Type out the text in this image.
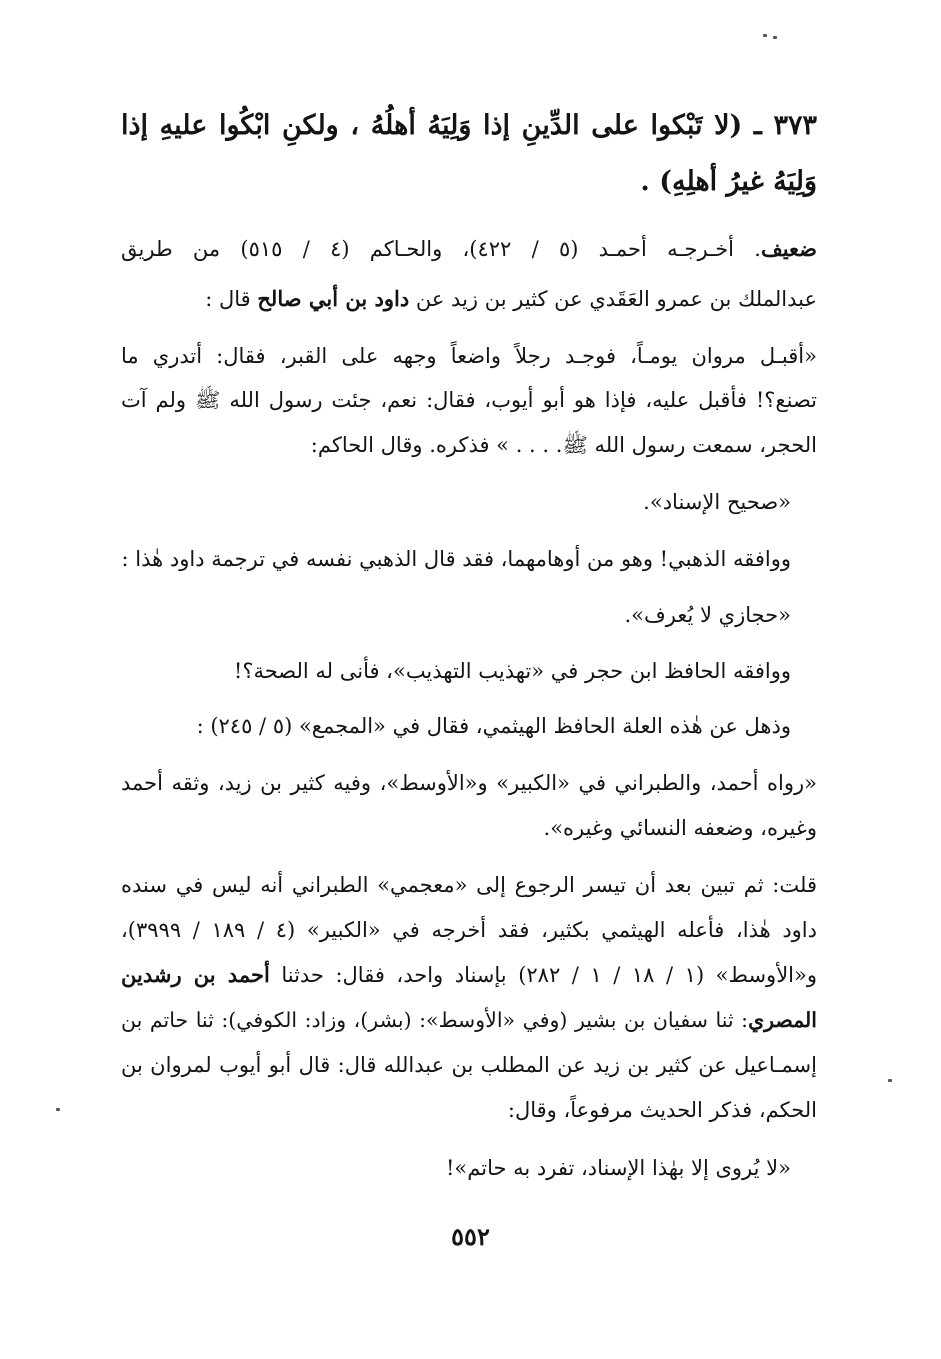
٣٧٣ ـ (لا تَبْكوا على الدِّينِ إذا وَلِيَهُ أهلُهُ ، ولكنِ ابْكُوا عليهِ إذا
وَلِيَهُ غيرُ أهلِهِ) .
ضعيف. أخـرجـه أحمـد (٥ / ٤٢٢)، والحـاكم (٤ / ٥١٥) من طريق
عبدالملك بن عمرو العَقَدي عن كثير بن زيد عن داود بن أبي صالح قال :
«أقبـل مروان يومـاً، فوجـد رجلاً واضعاً وجهه على القبر، فقال: أتدري ما
تصنع؟! فأقبل عليه، فإذا هو أبو أيوب، فقال: نعم، جئت رسول الله ﷺ ولم آت
الحجر، سمعت رسول الله ﷺ. . . . » فذكره. وقال الحاكم:
«صحيح الإسناد».
ووافقه الذهبي! وهو من أوهامهما، فقد قال الذهبي نفسه في ترجمة داود هٰذا :
«حجازي لا يُعرف».
ووافقه الحافظ ابن حجر في «تهذيب التهذيب»، فأنى له الصحة؟!
وذهل عن هٰذه العلة الحافظ الهيثمي، فقال في «المجمع» (٥ / ٢٤٥) :
«رواه أحمد، والطبراني في «الكبير» و«الأوسط»، وفيه كثير بن زيد، وثقه أحمد
وغيره، وضعفه النسائي وغيره».
قلت: ثم تبين بعد أن تيسر الرجوع إلى «معجمي» الطبراني أنه ليس في سنده
داود هٰذا، فأعله الهيثمي بكثير، فقد أخرجه في «الكبير» (٤ / ١٨٩ / ٣٩٩٩)،
و«الأوسط» (١ / ١٨ / ١ / ٢٨٢) بإسناد واحد، فقال: حدثنا أحمد بن رشدين
المصري: ثنا سفيان بن بشير (وفي «الأوسط»: (بشر)، وزاد: الكوفي): ثنا حاتم بن
إسمـاعيل عن كثير بن زيد عن المطلب بن عبدالله قال: قال أبو أيوب لمروان بن
الحكم، فذكر الحديث مرفوعاً، وقال:
«لا يُروى إلا بهٰذا الإسناد، تفرد به حاتم»!
٥٥٢
